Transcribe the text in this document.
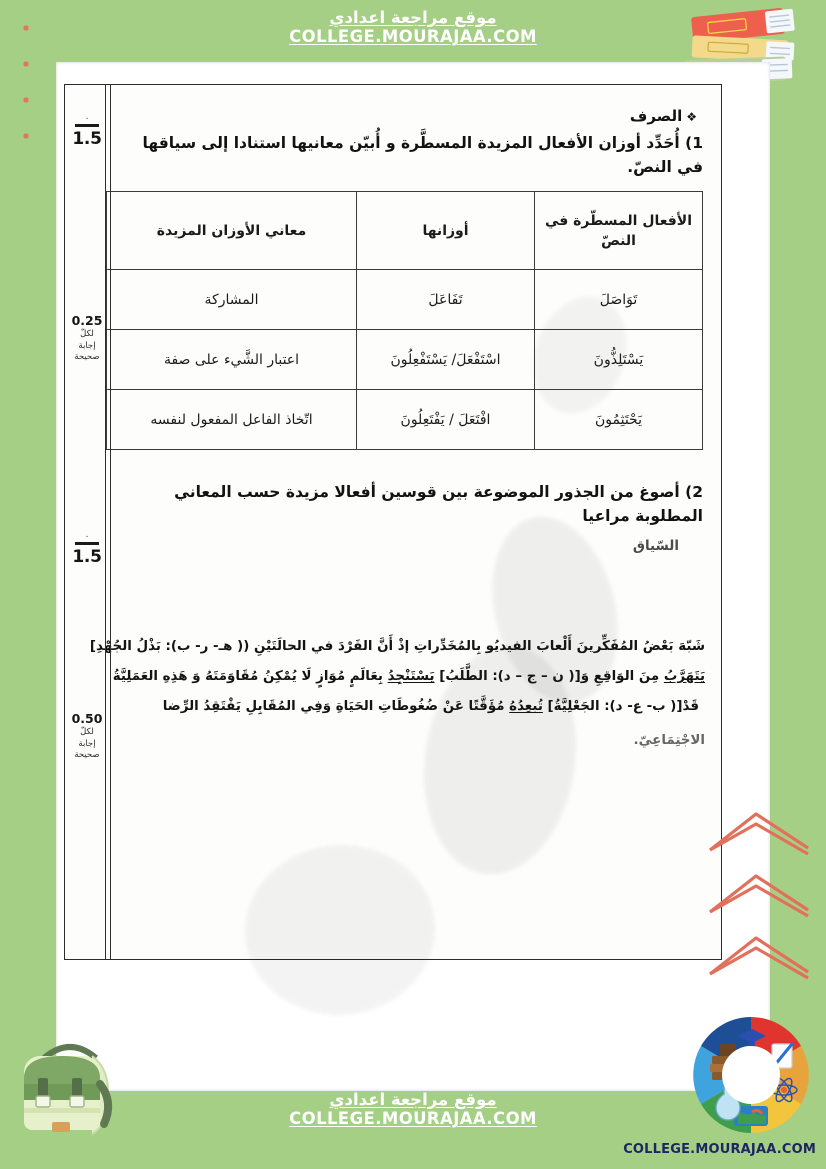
موقع مراجعة اعدادي
COLLEGE.MOURAJAA.COM
.
1.5
0.25
لكلّ
إجابة
صحيحة
.
1.5
0.50
لكلّ
إجابة
صحيحة
❖الصرف
1) أُحَدِّد أوزان الأفعال المزيدة المسطَّرة و أُبيّن معانيها استنادا إلى سياقها في النصّ.
الأفعال المسطّرة في النصّ	أوزانها	معاني الأوزان المزيدة
تَوَاصَلَ	تَفَاعَلَ	المشاركة
يَسْتَلِذُّونَ	اسْتَفْعَلَ/ يَسْتَفْعِلُونَ	اعتبار الشَّيء على صفة
يَحْتَثِمُونَ	افْتَعَلَ / يَفْتَعِلُونَ	اتّخاذ الفاعل المفعول لنفسه
2) أصوغ من الجذور الموضوعة بين قوسين أفعالا مزيدة حسب المعاني المطلوبة مراعيا
السّياق
شَبّهَ بَعْضُ المُفَكِّرينَ أَلْعابَ الفيديُو بِالمُخَدِّراتِ إذْ أَنَّ الفَرْدَ في الحالَتَيْنِ (( هـ- ر- ب): بَذْلُ الجُهْدِ]
يَتَهَرَّبُ مِنَ الوَاقِعِ وَ[( ن – ج – د): الطَّلَبُ] يَسْتَنْجِدُ بِعَالَمٍ مُوَازٍ لَا يُمْكِنُ مُقَاوَمَتَهُ وَ هَذِهِ العَمَلِيَّةُ
قَدْ[( ب- ع- د): الجَعْلِيَّةُ] تُبعِدُهُ مُؤَقَّتًا عَنْ ضُغُوطَاتِ الحَيَاةِ وَفِي المُقَابِلِ يَفْتَقِدُ الرِّضا
الاجْتِمَاعِيّ.
موقع مراجعة اعدادي
COLLEGE.MOURAJAA.COM
COLLEGE.MOURAJAA.COM
